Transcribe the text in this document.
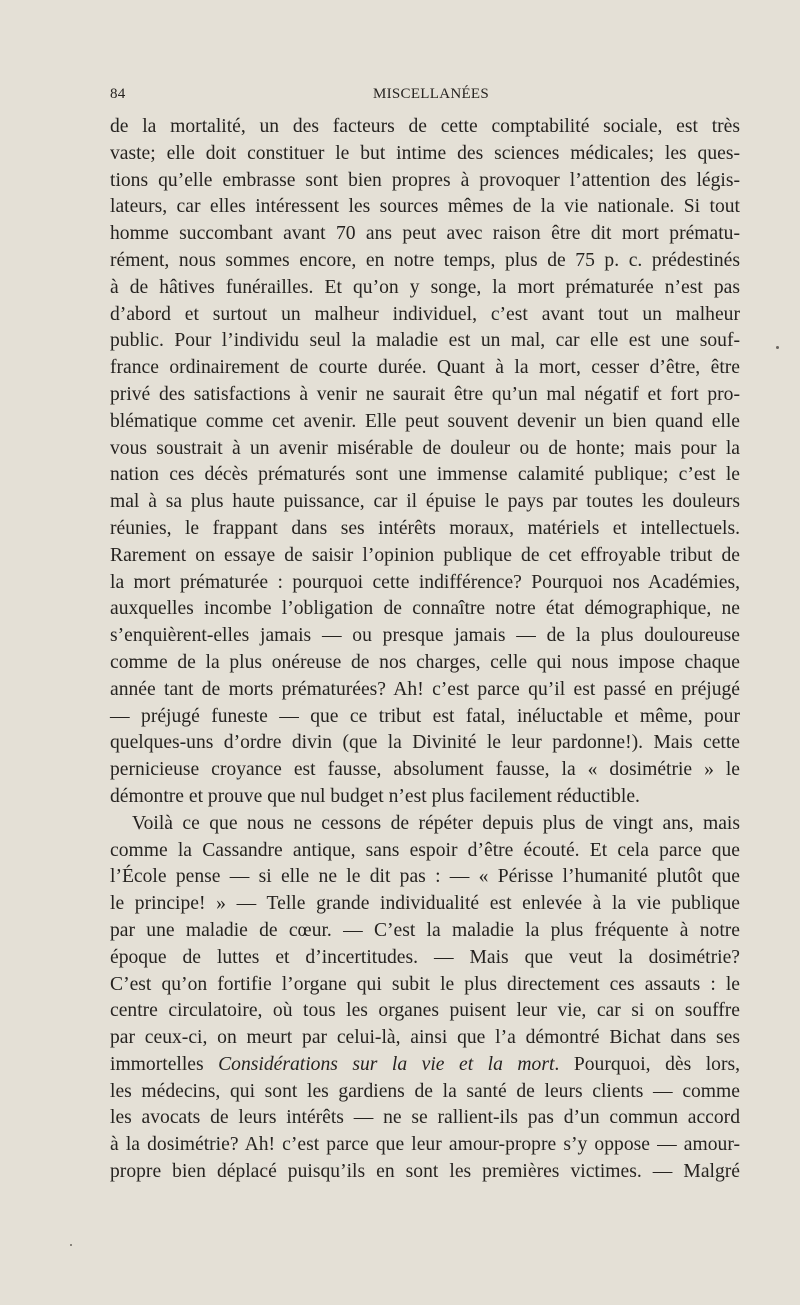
84	MISCELLANÉES
de la mortalité, un des facteurs de cette comptabilité sociale, est très
vaste; elle doit constituer le but intime des sciences médicales; les ques-
tions qu’elle embrasse sont bien propres à provoquer l’attention des légis-
lateurs, car elles intéressent les sources mêmes de la vie nationale. Si tout
homme succombant avant 70 ans peut avec raison être dit mort prématu-
rément, nous sommes encore, en notre temps, plus de 75 p. c. prédestinés
à de hâtives funérailles. Et qu’on y songe, la mort prématurée n’est pas
d’abord et surtout un malheur individuel, c’est avant tout un malheur
public. Pour l’individu seul la maladie est un mal, car elle est une souf-
france ordinairement de courte durée. Quant à la mort, cesser d’être, être
privé des satisfactions à venir ne saurait être qu’un mal négatif et fort pro-
blématique comme cet avenir. Elle peut souvent devenir un bien quand elle
vous soustrait à un avenir misérable de douleur ou de honte; mais pour la
nation ces décès prématurés sont une immense calamité publique; c’est le
mal à sa plus haute puissance, car il épuise le pays par toutes les douleurs
réunies, le frappant dans ses intérêts moraux, matériels et intellectuels.
Rarement on essaye de saisir l’opinion publique de cet effroyable tribut de
la mort prématurée : pourquoi cette indifférence? Pourquoi nos Académies,
auxquelles incombe l’obligation de connaître notre état démographique, ne
s’enquièrent-elles jamais — ou presque jamais — de la plus douloureuse
comme de la plus onéreuse de nos charges, celle qui nous impose chaque
année tant de morts prématurées? Ah! c’est parce qu’il est passé en préjugé
— préjugé funeste — que ce tribut est fatal, inéluctable et même, pour
quelques-uns d’ordre divin (que la Divinité le leur pardonne!). Mais cette
pernicieuse croyance est fausse, absolument fausse, la « dosimétrie » le
démontre et prouve que nul budget n’est plus facilement réductible.
Voilà ce que nous ne cessons de répéter depuis plus de vingt ans, mais
comme la Cassandre antique, sans espoir d’être écouté. Et cela parce que
l’École pense — si elle ne le dit pas : — « Périsse l’humanité plutôt que
le principe! » — Telle grande individualité est enlevée à la vie publique
par une maladie de cœur. — C’est la maladie la plus fréquente à notre
époque de luttes et d’incertitudes. — Mais que veut la dosimétrie?
C’est qu’on fortifie l’organe qui subit le plus directement ces assauts : le
centre circulatoire, où tous les organes puisent leur vie, car si on souffre
par ceux-ci, on meurt par celui-là, ainsi que l’a démontré Bichat dans ses
immortelles Considérations sur la vie et la mort. Pourquoi, dès lors,
les médecins, qui sont les gardiens de la santé de leurs clients — comme
les avocats de leurs intérêts — ne se rallient-ils pas d’un commun accord
à la dosimétrie? Ah! c’est parce que leur amour-propre s’y oppose — amour-
propre bien déplacé puisqu’ils en sont les premières victimes. — Malgré
